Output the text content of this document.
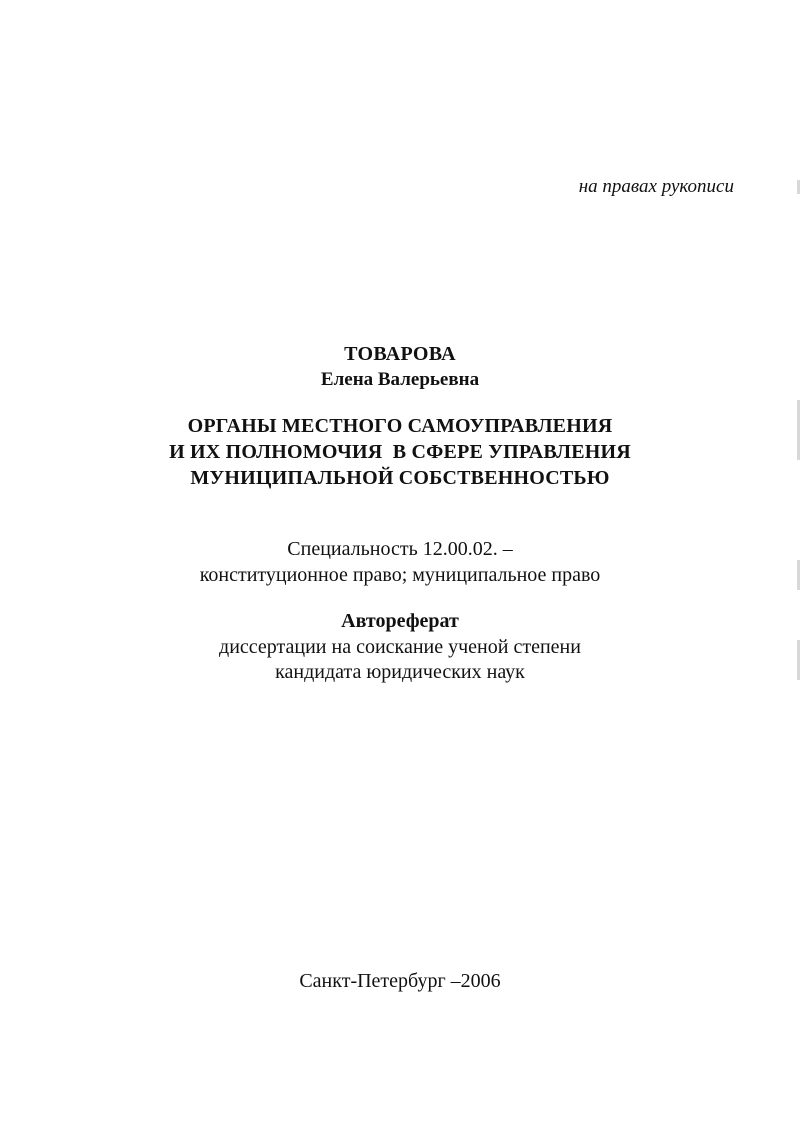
на правах рукописи
ТОВАРОВА
Елена Валерьевна
ОРГАНЫ МЕСТНОГО САМОУПРАВЛЕНИЯ
И ИХ ПОЛНОМОЧИЯ  В СФЕРЕ УПРАВЛЕНИЯ
МУНИЦИПАЛЬНОЙ СОБСТВЕННОСТЬЮ
Специальность 12.00.02. –
конституционное право; муниципальное право
Автореферат
диссертации на соискание ученой степени
кандидата юридических наук
Санкт-Петербург –2006
